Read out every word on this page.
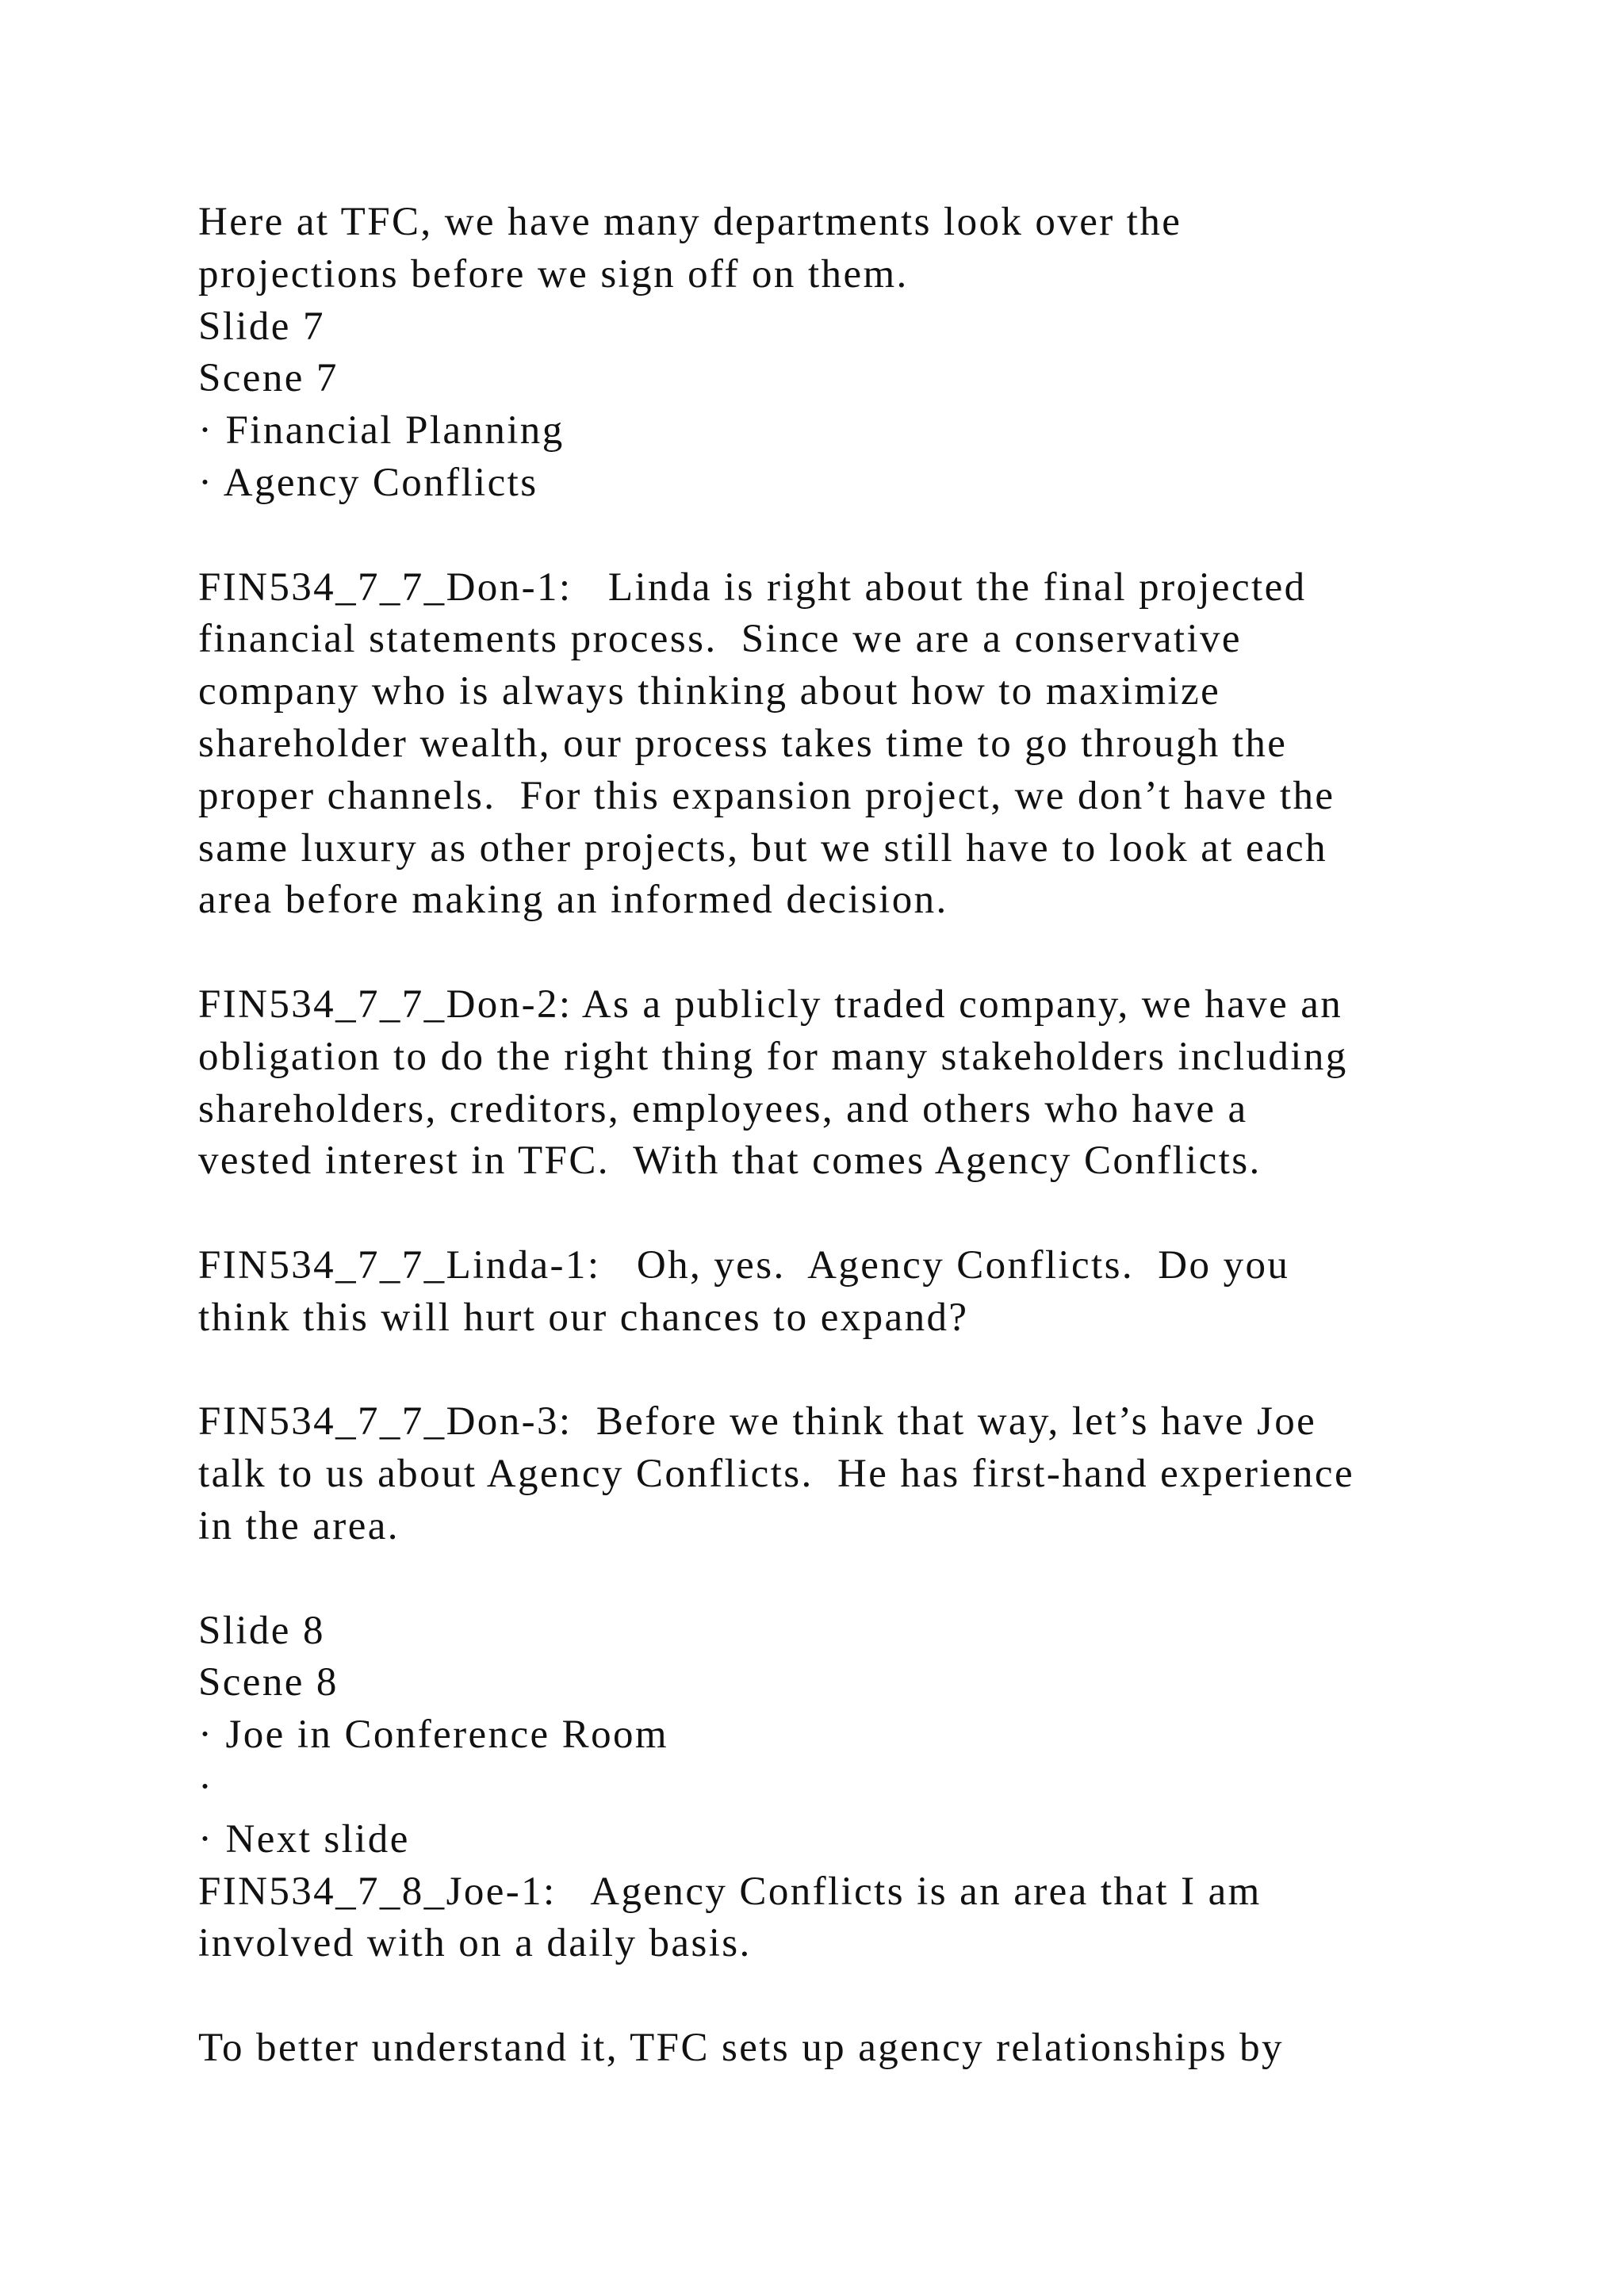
Here at TFC, we have many departments look over the
projections before we sign off on them.
Slide 7
Scene 7
· Financial Planning
· Agency Conflicts
FIN534_7_7_Don-1:   Linda is right about the final projected
financial statements process.  Since we are a conservative
company who is always thinking about how to maximize
shareholder wealth, our process takes time to go through the
proper channels.  For this expansion project, we don’t have the
same luxury as other projects, but we still have to look at each
area before making an informed decision.
FIN534_7_7_Don-2: As a publicly traded company, we have an
obligation to do the right thing for many stakeholders including
shareholders, creditors, employees, and others who have a
vested interest in TFC.  With that comes Agency Conflicts.
FIN534_7_7_Linda-1:   Oh, yes.  Agency Conflicts.  Do you
think this will hurt our chances to expand?
FIN534_7_7_Don-3:  Before we think that way, let’s have Joe
talk to us about Agency Conflicts.  He has first-hand experience
in the area.
Slide 8
Scene 8
· Joe in Conference Room
·
· Next slide
FIN534_7_8_Joe-1:   Agency Conflicts is an area that I am
involved with on a daily basis.
To better understand it, TFC sets up agency relationships by
